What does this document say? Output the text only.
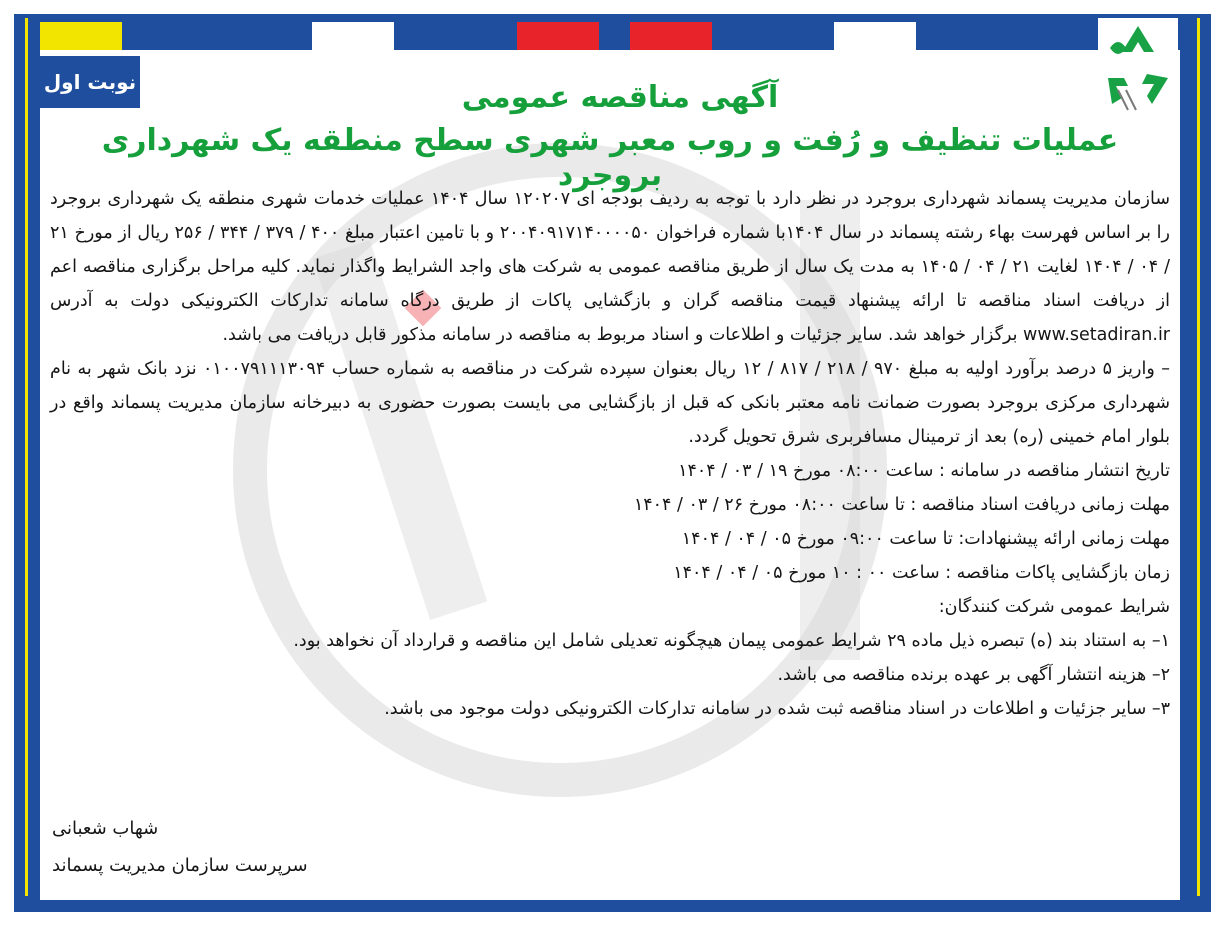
نوبت اول	آگهی مناقصه عمومی
عملیات تنظیف و رُفت و روب معبر شهری سطح منطقه یک شهرداری بروجرد

سازمان مدیریت پسماند شهرداری بروجرد در نظر دارد با توجه به ردیف بودجه ای ۱۲۰۲۰۷ سال ۱۴۰۴ عملیات خدمات شهری منطقه یک شهرداری بروجرد را بر اساس فهرست بهاء رشته پسماند در سال ۱۴۰۴با شماره فراخوان ۲۰۰۴۰۹۱۷۱۴۰۰۰۰۵۰ و با تامین اعتبار مبلغ ۴۰۰ / ۳۷۹ / ۳۴۴ / ۲۵۶ ریال از مورخ ۲۱ / ۰۴ / ۱۴۰۴ لغایت ۲۱ / ۰۴ / ۱۴۰۵ به مدت یک سال از طریق مناقصه عمومی به شرکت های واجد الشرایط واگذار نماید. کلیه مراحل برگزاری مناقصه اعم از دریافت اسناد مناقصه تا ارائه پیشنهاد قیمت مناقصه گران و بازگشایی پاکات از طریق درگاه سامانه تدارکات الکترونیکی دولت به آدرس www.setadiran.ir برگزار خواهد شد. سایر جزئیات و اطلاعات و اسناد مربوط به مناقصه در سامانه مذکور قابل دریافت می باشد.

– واریز ۵ درصد برآورد اولیه به مبلغ ۹۷۰ / ۲۱۸ / ۸۱۷ / ۱۲ ریال بعنوان سپرده شرکت در مناقصه به شماره حساب ۰۱۰۰۷۹۱۱۱۳۰۹۴ نزد بانک شهر به نام شهرداری مرکزی بروجرد بصورت ضمانت نامه معتبر بانکی که قبل از بازگشایی می بایست بصورت حضوری به دبیرخانه سازمان مدیریت پسماند واقع در بلوار امام خمینی (ره) بعد از ترمینال مسافربری شرق تحویل گردد.

تاریخ انتشار مناقصه در سامانه : ساعت ۰۸:۰۰ مورخ ۱۹ / ۰۳ / ۱۴۰۴

مهلت زمانی دریافت اسناد مناقصه : تا ساعت ۰۸:۰۰ مورخ ۲۶ / ۰۳ / ۱۴۰۴

مهلت زمانی ارائه پیشنهادات: تا ساعت ۰۹:۰۰ مورخ ۰۵ / ۰۴ / ۱۴۰۴

زمان بازگشایی پاکات مناقصه : ساعت ۰۰ : ۱۰ مورخ ۰۵ / ۰۴ / ۱۴۰۴

شرایط عمومی شرکت کنندگان:

۱– به استناد بند (ه) تبصره ذیل ماده ۲۹ شرایط عمومی پیمان هیچگونه تعدیلی شامل این مناقصه و قرارداد آن نخواهد بود.

۲– هزینه انتشار آگهی بر عهده برنده مناقصه می باشد.

۳– سایر جزئیات و اطلاعات در اسناد مناقصه ثبت شده در سامانه تدارکات الکترونیکی دولت موجود می باشد.

شهاب شعبانی
سرپرست سازمان مدیریت پسماند
